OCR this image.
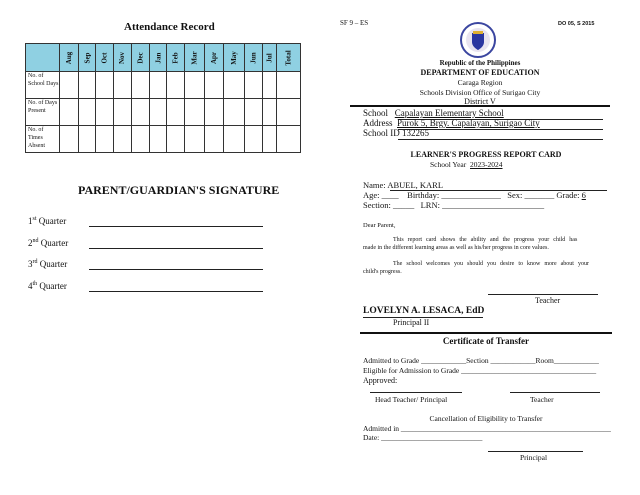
Attendance Record
	Aug	Sep	Oct	Nov	Dec	Jan	Feb	Mar	Apr	May	Jun	Jul	Total
No. of School Days													
No. of Days Present													
No. of Times Absent													
PARENT/GUARDIAN'S SIGNATURE
1st Quarter
2nd Quarter
3rd Quarter
4th Quarter
SF 9 – ES	DO 05, S 2015
Republic of the Philippines
DEPARTMENT OF EDUCATION
Caraga Region
Schools Division Office of Surigao City
District V
School Capalayan Elementary School
Address Purok 5, Brgy. Capalayan, Surigao City
School ID 132265
LEARNER'S PROGRESS REPORT CARD
School Year 2023-2024
Name: ABUEL, KARL
Age: ____    Birthday: ______________   Sex: _______ Grade: 6
Section: _____   LRN: ________________________
Dear Parent,
This report card shows the ability and the progress your child has
made in the different learning areas as well as his/her progress in core values.
The school welcomes you should you desire to know more about your
child's progress.
Teacher
LOVELYN A. LESACA, EdD
Principal II
Certificate of Transfer
Admitted to Grade ____________Section ____________Room____________
Eligible for Admission to Grade ____________________________________
Approved:
Head Teacher/ Principal	Teacher
Cancellation of Eligibility to Transfer
Admitted in ________________________________________________________
Date: ___________________________
Principal
